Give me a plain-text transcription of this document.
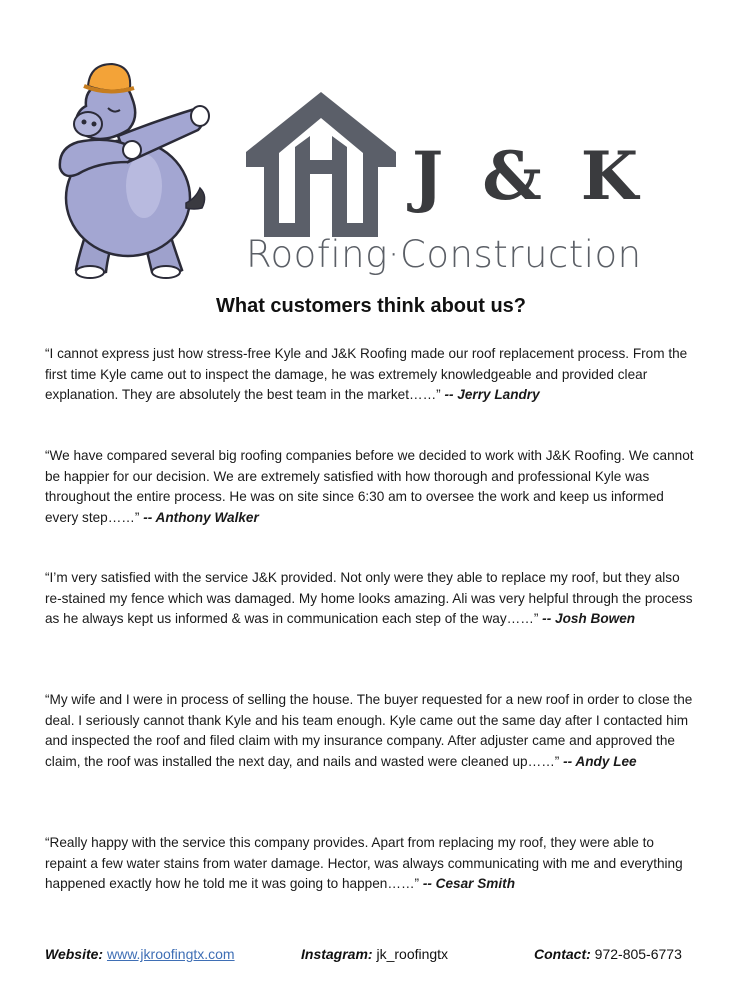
J & K
Roofing·Construction
What customers think about us?
“I cannot express just how stress-free Kyle and J&K Roofing made our roof replacement process. From the first time Kyle came out to inspect the damage, he was extremely knowledgeable and provided clear explanation. They are absolutely the best team in the market……” -- Jerry Landry
“We have compared several big roofing companies before we decided to work with J&K Roofing. We cannot be happier for our decision. We are extremely satisfied with how thorough and professional Kyle was throughout the entire process. He was on site since 6:30 am to oversee the work and keep us informed every step……” -- Anthony Walker
“I’m very satisfied with the service J&K provided. Not only were they able to replace my roof, but they also re-stained my fence which was damaged. My home looks amazing. Ali was very helpful through the process as he always kept us informed & was in communication each step of the way……” -- Josh Bowen
“My wife and I were in process of selling the house. The buyer requested for a new roof in order to close the deal. I seriously cannot thank Kyle and his team enough. Kyle came out the same day after I contacted him and inspected the roof and filed claim with my insurance company. After adjuster came and approved the claim, the roof was installed the next day, and nails and wasted were cleaned up……” -- Andy Lee
“Really happy with the service this company provides. Apart from replacing my roof, they were able to repaint a few water stains from water damage. Hector, was always communicating with me and everything happened exactly how he told me it was going to happen……” -- Cesar Smith
Website: www.jkroofingtx.com	Instagram: jk_roofingtx	Contact: 972-805-6773
